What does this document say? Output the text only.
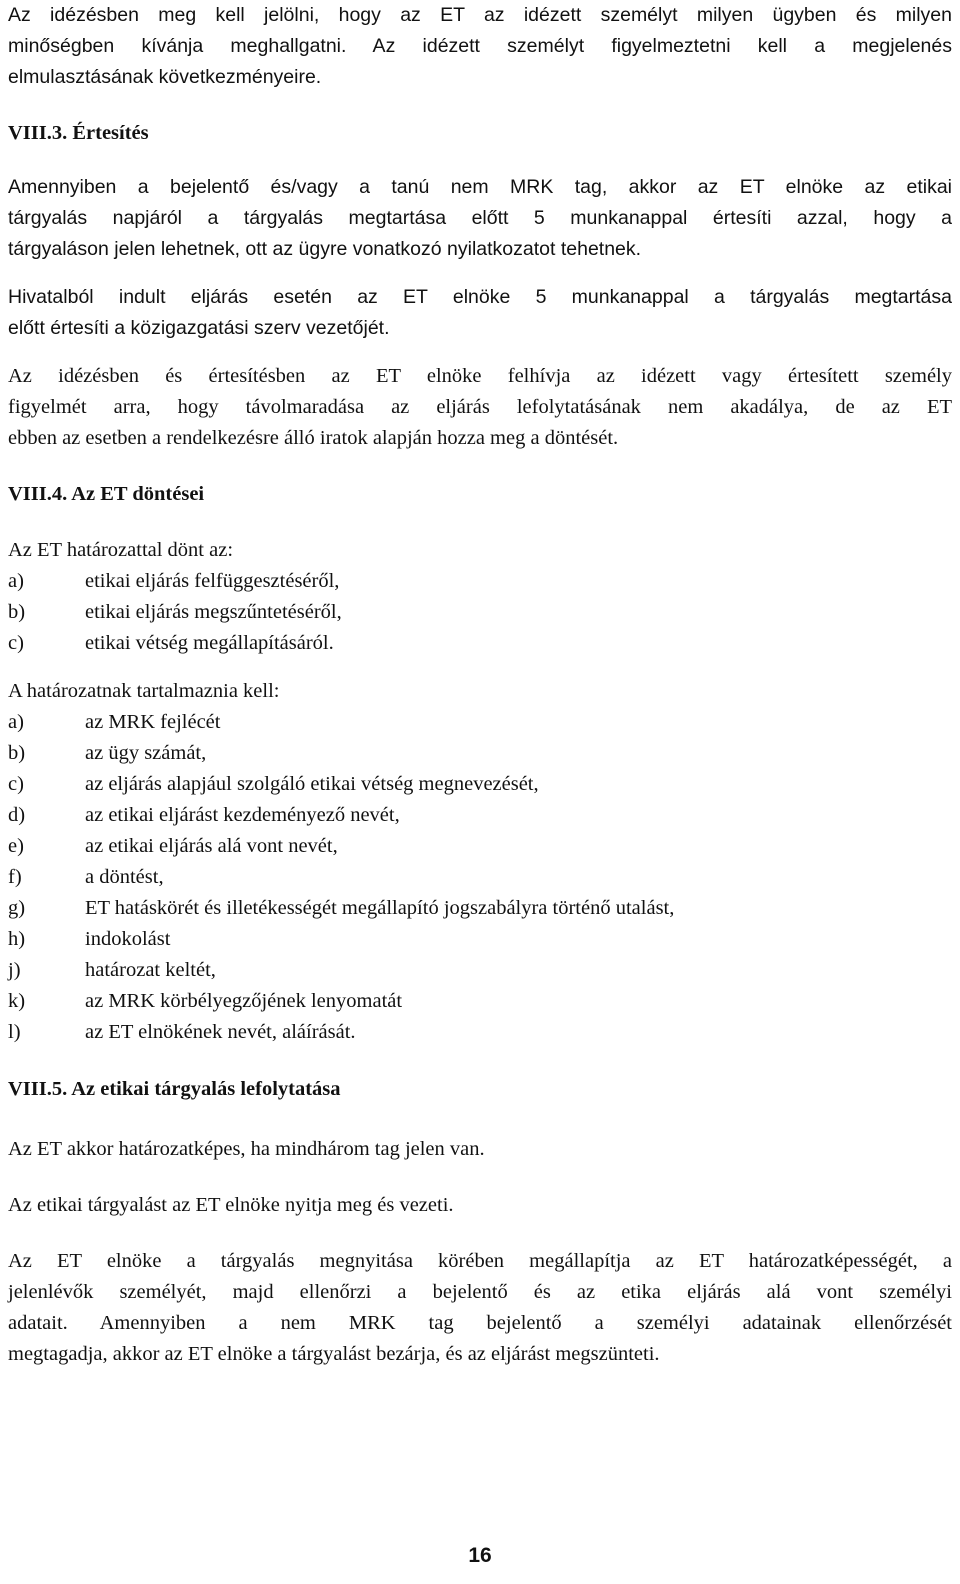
Az idézésben meg kell jelölni, hogy az ET az idézett személyt milyen ügyben és milyen
minőségben kívánja meghallgatni. Az idézett személyt figyelmeztetni kell a megjelenés
elmulasztásának következményeire.
VIII.3. Értesítés
Amennyiben a bejelentő és/vagy a tanú nem MRK tag, akkor az ET elnöke az etikai
tárgyalás napjáról a tárgyalás megtartása előtt 5 munkanappal értesíti azzal, hogy a
tárgyaláson jelen lehetnek, ott az ügyre vonatkozó nyilatkozatot tehetnek.
Hivatalból indult eljárás esetén az ET elnöke 5 munkanappal a tárgyalás megtartása
előtt értesíti a közigazgatási szerv vezetőjét.
Az idézésben és értesítésben az ET elnöke felhívja az idézett vagy értesített személy
figyelmét arra, hogy távolmaradása az eljárás lefolytatásának nem akadálya, de az ET
ebben az esetben a rendelkezésre álló iratok alapján hozza meg a döntését.
VIII.4. Az ET döntései
Az ET határozattal dönt az:
a)	etikai eljárás felfüggesztéséről,
b)	etikai eljárás megszűntetéséről,
c)	etikai vétség megállapításáról.
A határozatnak tartalmaznia kell:
a)	az MRK fejlécét
b)	az ügy számát,
c)	az eljárás alapjául szolgáló etikai vétség megnevezését,
d)	az etikai eljárást kezdeményező nevét,
e)	az etikai eljárás alá vont nevét,
f)	a döntést,
g)	ET hatáskörét és illetékességét megállapító jogszabályra történő utalást,
h)	indokolást
j)	határozat keltét,
k)	az MRK körbélyegzőjének lenyomatát
l)	az ET elnökének nevét, aláírását.
VIII.5. Az etikai tárgyalás lefolytatása
Az ET akkor határozatképes, ha mindhárom tag jelen van.
Az etikai tárgyalást az ET elnöke nyitja meg és vezeti.
Az ET elnöke a tárgyalás megnyitása körében megállapítja az ET határozatképességét, a
jelenlévők személyét, majd ellenőrzi a bejelentő és az etika eljárás alá vont személyi
adatait. Amennyiben a nem MRK tag bejelentő a személyi adatainak ellenőrzését
megtagadja, akkor az ET elnöke a tárgyalást bezárja, és az eljárást megszünteti.
16
